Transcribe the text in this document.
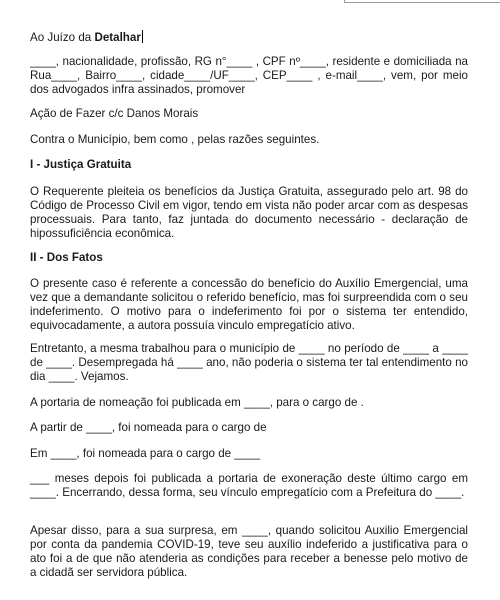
Ao Juízo da Detalhar

____, nacionalidade, profissão, RG n°____ , CPF nº____, residente e domiciliada na Rua____, Bairro____, cidade____/UF____, CEP____ , e-mail____, vem, por meio dos advogados infra assinados, promover

Ação de Fazer c/c Danos Morais

Contra o Município, bem como , pelas razões seguintes.

I - Justiça Gratuita

O Requerente pleiteia os benefícios da Justiça Gratuita, assegurado pelo art. 98 do Código de Processo Civil em vigor, tendo em vista não poder arcar com as despesas processuais. Para tanto, faz juntada do documento necessário - declaração de hipossuficiência econômica.

II - Dos Fatos

O presente caso é referente a concessão do benefício do Auxílio Emergencial, uma vez que a demandante solicitou o referido benefício, mas foi surpreendida com o seu indeferimento. O motivo para o indeferimento foi por o sistema ter entendido, equivocadamente, a autora possuía vinculo empregatício ativo.

Entretanto, a mesma trabalhou para o município de ____ no período de ____ a ____ de ____. Desempregada há ____ ano, não poderia o sistema ter tal entendimento no dia ____. Vejamos.

A portaria de nomeação foi publicada em ____, para o cargo de .

A partir de ____, foi nomeada para o cargo de

Em ____, foi nomeada para o cargo de ____

___ meses depois foi publicada a portaria de exoneração deste último cargo em ____. Encerrando, dessa forma, seu vínculo empregatício com a Prefeitura do ____.

Apesar disso, para a sua surpresa, em ____, quando solicitou Auxilio Emergencial por conta da pandemia COVID-19, teve seu auxílio indeferido a justificativa para o ato foi a de que não atenderia as condições para receber a benesse pelo motivo de a cidadã ser servidora pública.
